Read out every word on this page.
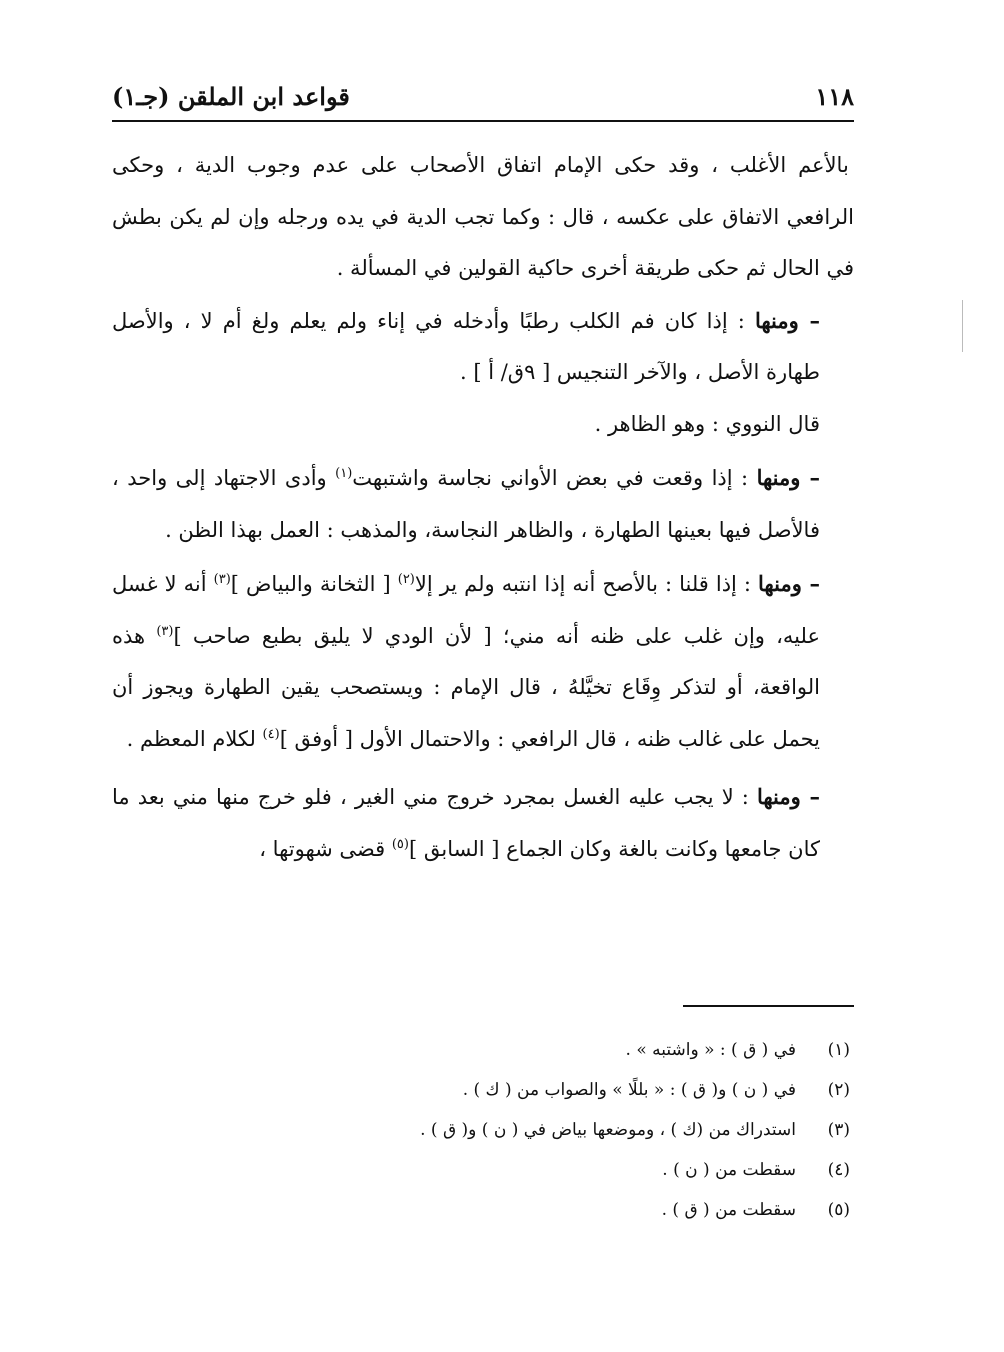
١١٨
قواعد ابن الملقن (جـ١)

بالأعم الأغلب ، وقد حكى الإمام اتفاق الأصحاب على عدم وجوب الدية ، وحكى الرافعي الاتفاق على عكسه ، قال : وكما تجب الدية في يده ورجله وإن لم يكن بطش في الحال ثم حكى طريقة أخرى حاكية القولين في المسألة .

– ومنها : إذا كان فم الكلب رطبًا وأدخله في إناء ولم يعلم ولغ أم لا ، والأصل طهارة الأصل ، والآخر التنجيس [ ٩ق/ أ ] .

قال النووي : وهو الظاهر .

– ومنها : إذا وقعت في بعض الأواني نجاسة واشتبهت$^{(١)}$ وأدى الاجتهاد إلى واحد ، فالأصل فيها بعينها الطهارة ، والظاهر النجاسة، والمذهب : العمل بهذا الظن .

– ومنها : إذا قلنا : بالأصح أنه إذا انتبه ولم ير إلا$^{(٢)}$ [ الثخانة والبياض ]$^{(٣)}$ أنه لا غسل عليه، وإن غلب على ظنه أنه مني؛ [ لأن الودي لا يليق بطبع صاحب ]$^{(٣)}$ هذه الواقعة، أو لتذكر وِقَاع تخيَّلهُ ، قال الإمام : ويستصحب يقين الطهارة ويجوز أن يحمل على غالب ظنه ، قال الرافعي : والاحتمال الأول [ أوفق ]$^{(٤)}$ لكلام المعظم .

– ومنها : لا يجب عليه الغسل بمجرد خروج مني الغير ، فلو خرج منها مني بعد ما كان جامعها وكانت بالغة وكان الجماع [ السابق ]$^{(٥)}$ قضى شهوتها ،

(١)
في ( ق ) : « واشتبه » .
(٢)
في ( ن ) و( ق ) : « بللًا » والصواب من ( ك ) .
(٣)
استدراك من (ك ) ، وموضعها بياض في ( ن ) و( ق ) .
(٤)
سقطت من ( ن ) .
(٥)
سقطت من ( ق ) .
